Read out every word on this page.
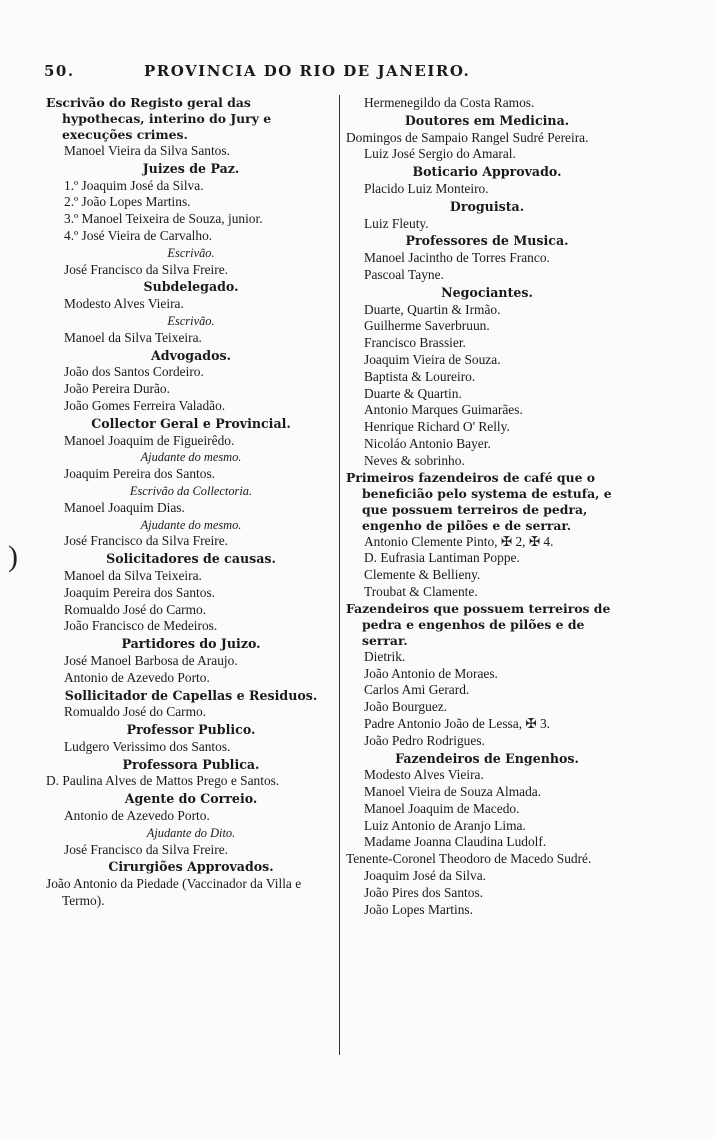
50.	PROVINCIA DO RIO DE JANEIRO.
)
Escrivão do Registo geral das hypothecas, interino do Jury e execuções crimes.
Manoel Vieira da Silva Santos.
Juizes de Paz.
1.º Joaquim José da Silva.
2.º João Lopes Martins.
3.º Manoel Teixeira de Souza, junior.
4.º José Vieira de Carvalho.
Escrivão.
José Francisco da Silva Freire.
Subdelegado.
Modesto Alves Vieira.
Escrivão.
Manoel da Silva Teixeira.
Advogados.
João dos Santos Cordeiro.
João Pereira Durão.
João Gomes Ferreira Valadão.
Collector Geral e Provincial.
Manoel Joaquim de Figueirêdo.
Ajudante do mesmo.
Joaquim Pereira dos Santos.
Escrivão da Collectoria.
Manoel Joaquim Dias.
Ajudante do mesmo.
José Francisco da Silva Freire.
Solicitadores de causas.
Manoel da Silva Teixeira.
Joaquim Pereira dos Santos.
Romualdo José do Carmo.
João Francisco de Medeiros.
Partidores do Juizo.
José Manoel Barbosa de Araujo.
Antonio de Azevedo Porto.
Sollicitador de Capellas e Residuos.
Romualdo José do Carmo.
Professor Publico.
Ludgero Verissimo dos Santos.
Professora Publica.
D. Paulina Alves de Mattos Prego e Santos.
Agente do Correio.
Antonio de Azevedo Porto.
Ajudante do Dito.
José Francisco da Silva Freire.
Cirurgiões Approvados.
João Antonio da Piedade (Vaccinador da Villa e Termo).
Hermenegildo da Costa Ramos.
Doutores em Medicina.
Domingos de Sampaio Rangel Sudré Pereira.
Luiz José Sergio do Amaral.
Boticario Approvado.
Placido Luiz Monteiro.
Droguista.
Luiz Fleuty.
Professores de Musica.
Manoel Jacintho de Torres Franco.
Pascoal Tayne.
Negociantes.
Duarte, Quartin & Irmão.
Guilherme Saverbruun.
Francisco Brassier.
Joaquim Vieira de Souza.
Baptista & Loureiro.
Duarte & Quartin.
Antonio Marques Guimarães.
Henrique Richard O' Relly.
Nicoláo Antonio Bayer.
Neves & sobrinho.
Primeiros fazendeiros de café que o beneficião pelo systema de estufa, e que possuem terreiros de pedra, engenho de pilões e de serrar.
Antonio Clemente Pinto, ✠ 2, ✠ 4.
D. Eufrasia Lantiman Poppe.
Clemente & Bellieny.
Troubat & Clamente.
Fazendeiros que possuem terreiros de pedra e engenhos de pilões e de serrar.
Dietrik.
João Antonio de Moraes.
Carlos Ami Gerard.
João Bourguez.
Padre Antonio João de Lessa, ✠ 3.
João Pedro Rodrigues.
Fazendeiros de Engenhos.
Modesto Alves Vieira.
Manoel Vieira de Souza Almada.
Manoel Joaquim de Macedo.
Luiz Antonio de Aranjo Lima.
Madame Joanna Claudina Ludolf.
Tenente-Coronel Theodoro de Macedo Sudré.
Joaquim José da Silva.
João Pires dos Santos.
João Lopes Martins.
